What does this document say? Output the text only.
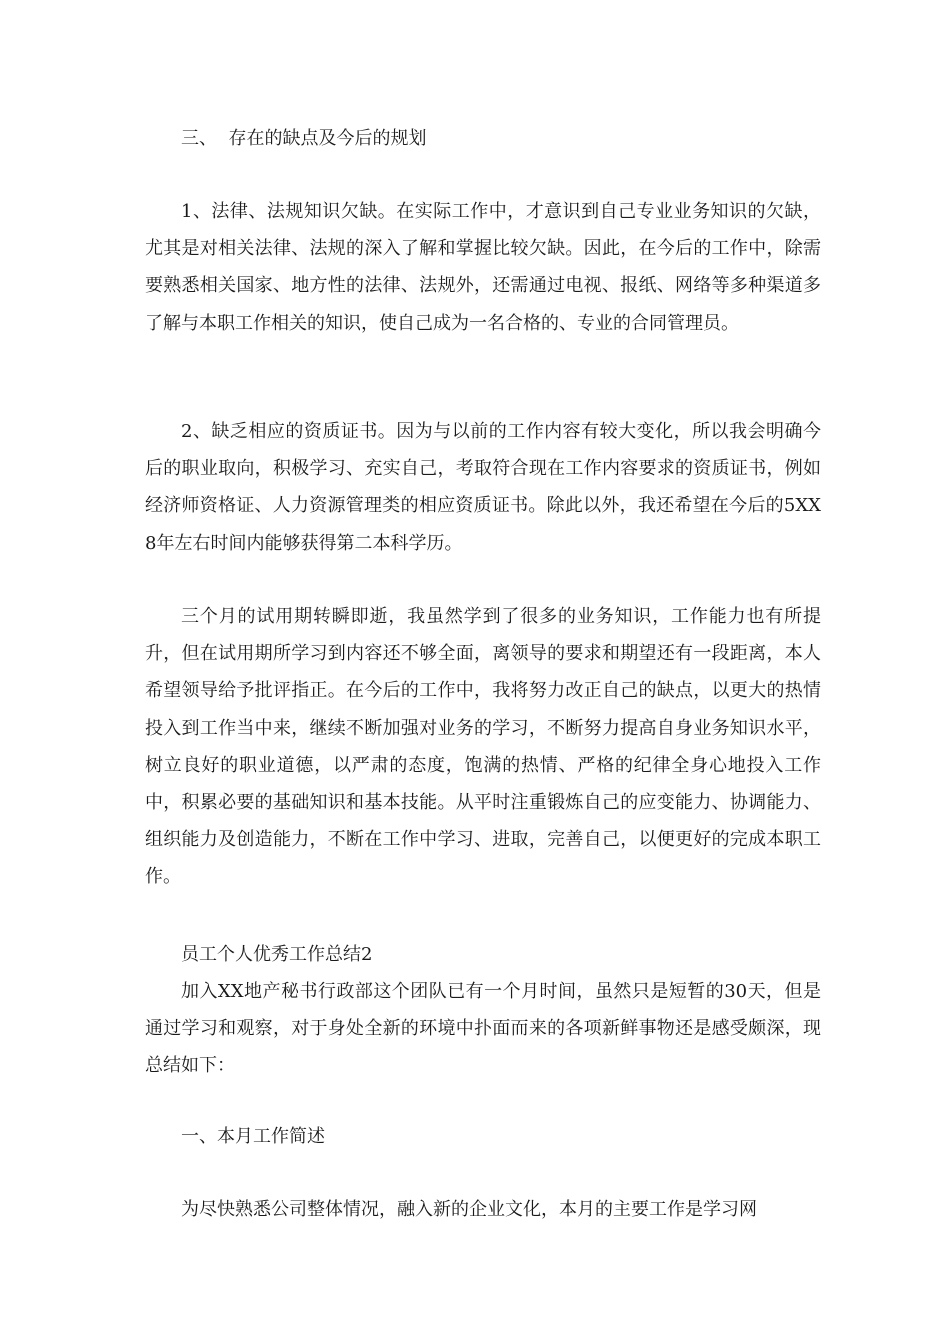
三、  存在的缺点及今后的规划

1、法律、法规知识欠缺。在实际工作中，才意识到自己专业业务知识的欠缺，尤其是对相关法律、法规的深入了解和掌握比较欠缺。因此，在今后的工作中，除需要熟悉相关国家、地方性的法律、法规外，还需通过电视、报纸、网络等多种渠道多了解与本职工作相关的知识，使自己成为一名合格的、专业的合同管理员。

2、缺乏相应的资质证书。因为与以前的工作内容有较大变化，所以我会明确今后的职业取向，积极学习、充实自己，考取符合现在工作内容要求的资质证书，例如经济师资格证、人力资源管理类的相应资质证书。除此以外，我还希望在今后的5XX8年左右时间内能够获得第二本科学历。

三个月的试用期转瞬即逝，我虽然学到了很多的业务知识，工作能力也有所提升，但在试用期所学习到内容还不够全面，离领导的要求和期望还有一段距离，本人希望领导给予批评指正。在今后的工作中，我将努力改正自己的缺点，以更大的热情投入到工作当中来，继续不断加强对业务的学习，不断努力提高自身业务知识水平，树立良好的职业道德，以严肃的态度，饱满的热情、严格的纪律全身心地投入工作中，积累必要的基础知识和基本技能。从平时注重锻炼自己的应变能力、协调能力、组织能力及创造能力，不断在工作中学习、进取，完善自己，以便更好的完成本职工作。

员工个人优秀工作总结2

加入XX地产秘书行政部这个团队已有一个月时间，虽然只是短暂的30天，但是通过学习和观察，对于身处全新的环境中扑面而来的各项新鲜事物还是感受颇深，现总结如下：

一、本月工作简述

为尽快熟悉公司整体情况，融入新的企业文化，本月的主要工作是学习网
